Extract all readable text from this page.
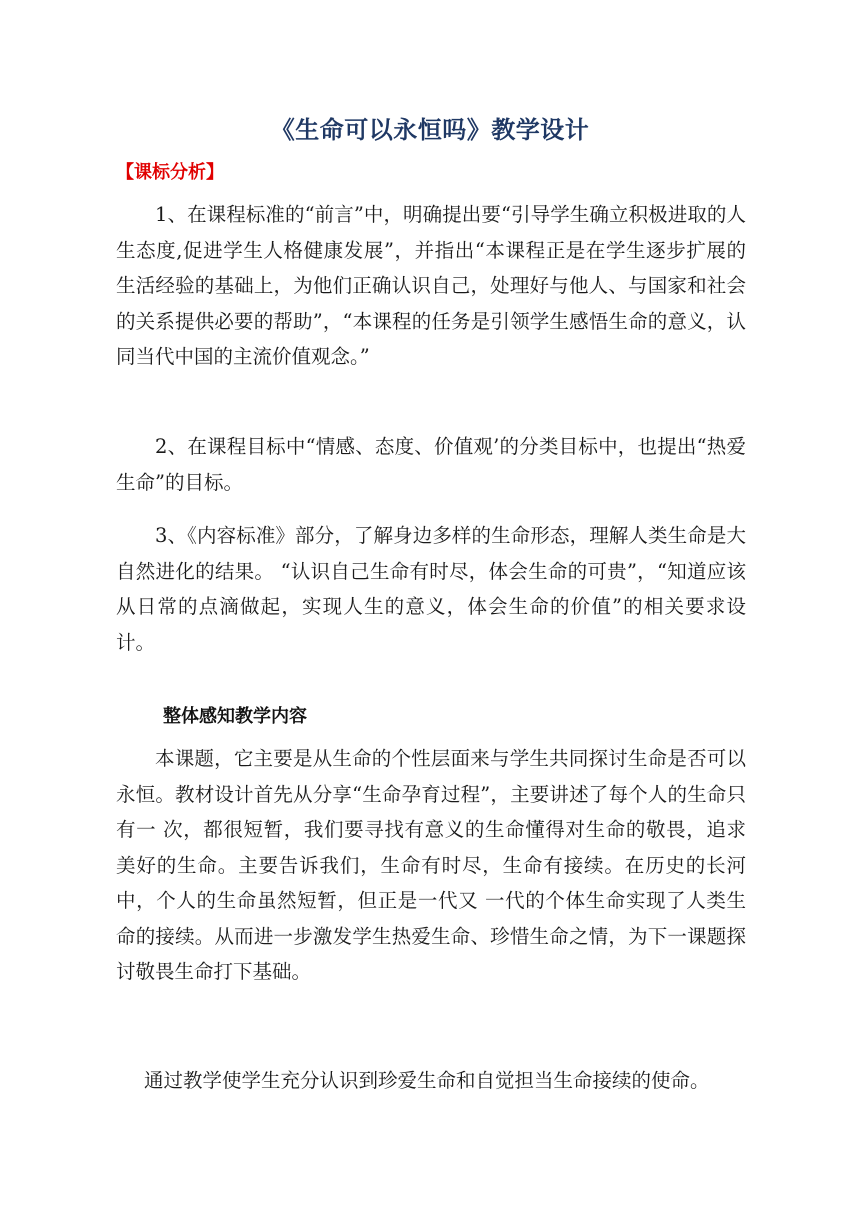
《生命可以永恒吗》教学设计
【课标分析】

1、在课程标准的“前言”中，明确提出要“引导学生确立积极进取的人生态度,促进学生人格健康发展”，并指出“本课程正是在学生逐步扩展的生活经验的基础上，为他们正确认识自己，处理好与他人、与国家和社会的关系提供必要的帮助”，“本课程的任务是引领学生感悟生命的意义，认同当代中国的主流价值观念。”

2、在课程目标中“情感、态度、价值观’的分类目标中，也提出“热爱生命”的目标。

3、《内容标准》部分，了解身边多样的生命形态，理解人类生命是大自然进化的结果。 “认识自己生命有时尽，体会生命的可贵”，“知道应该从日常的点滴做起，实现人生的意义，体会生命的价值”的相关要求设计。

整体感知教学内容

本课题，它主要是从生命的个性层面来与学生共同探讨生命是否可以永恒。教材设计首先从分享“生命孕育过程”，主要讲述了每个人的生命只有一 次，都很短暂，我们要寻找有意义的生命懂得对生命的敬畏，追求美好的生命。主要告诉我们，生命有时尽，生命有接续。在历史的长河中，个人的生命虽然短暂，但正是一代又 一代的个体生命实现了人类生命的接续。从而进一步激发学生热爱生命、珍惜生命之情，为下一课题探讨敬畏生命打下基础。

通过教学使学生充分认识到珍爱生命和自觉担当生命接续的使命。
